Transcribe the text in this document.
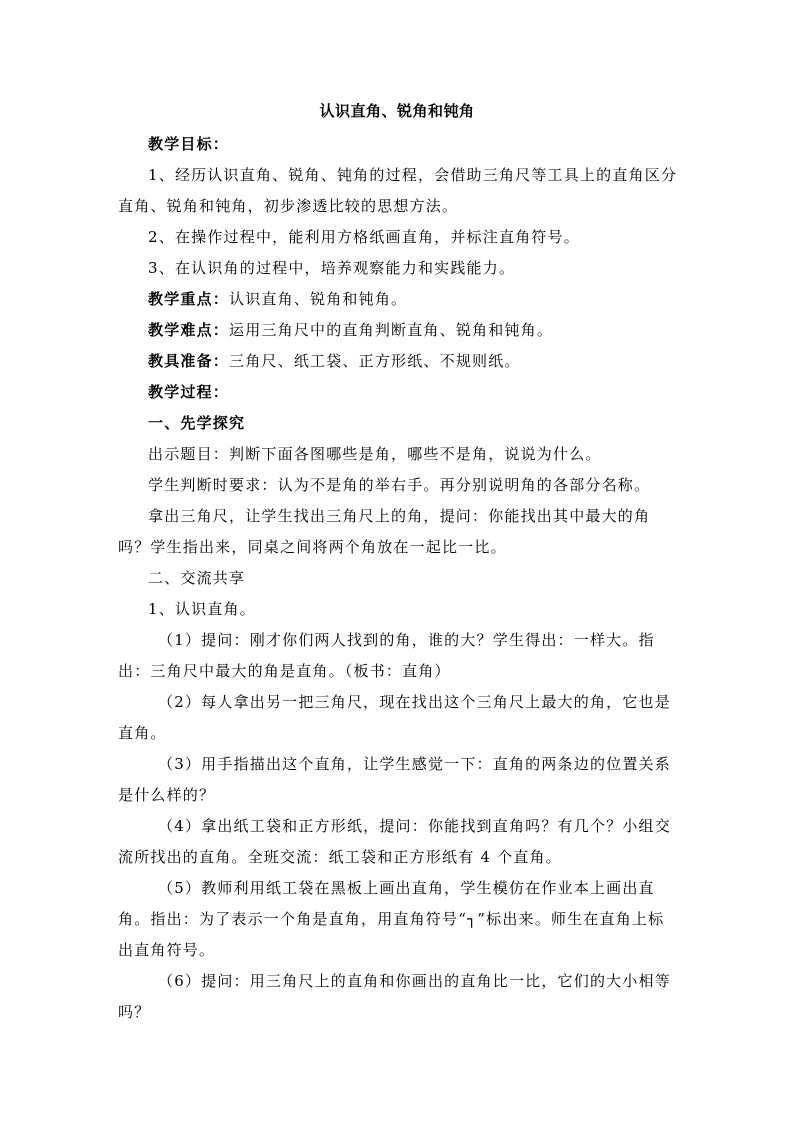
认识直角、锐角和钝角

教学目标：

1、经历认识直角、锐角、钝角的过程，会借助三角尺等工具上的直角区分直角、锐角和钝角，初步渗透比较的思想方法。

2、在操作过程中，能利用方格纸画直角，并标注直角符号。

3、在认识角的过程中，培养观察能力和实践能力。

教学重点：认识直角、锐角和钝角。

教学难点：运用三角尺中的直角判断直角、锐角和钝角。

教具准备：三角尺、纸工袋、正方形纸、不规则纸。

教学过程：

一、先学探究

出示题目：判断下面各图哪些是角，哪些不是角，说说为什么。

学生判断时要求：认为不是角的举右手。再分别说明角的各部分名称。

拿出三角尺，让学生找出三角尺上的角，提问：你能找出其中最大的角吗？学生指出来，同桌之间将两个角放在一起比一比。

二、交流共享

1、认识直角。

（1）提问：刚才你们两人找到的角，谁的大？学生得出：一样大。指出：三角尺中最大的角是直角。（板书：直角）

（2）每人拿出另一把三角尺，现在找出这个三角尺上最大的角，它也是直角。

（3）用手指描出这个直角，让学生感觉一下：直角的两条边的位置关系是什么样的？

（4）拿出纸工袋和正方形纸，提问：你能找到直角吗？有几个？小组交流所找出的直角。全班交流：纸工袋和正方形纸有 4 个直角。

（5）教师利用纸工袋在黑板上画出直角，学生模仿在作业本上画出直角。指出：为了表示一个角是直角，用直角符号“┐”标出来。师生在直角上标出直角符号。

（6）提问：用三角尺上的直角和你画出的直角比一比，它们的大小相等吗？
